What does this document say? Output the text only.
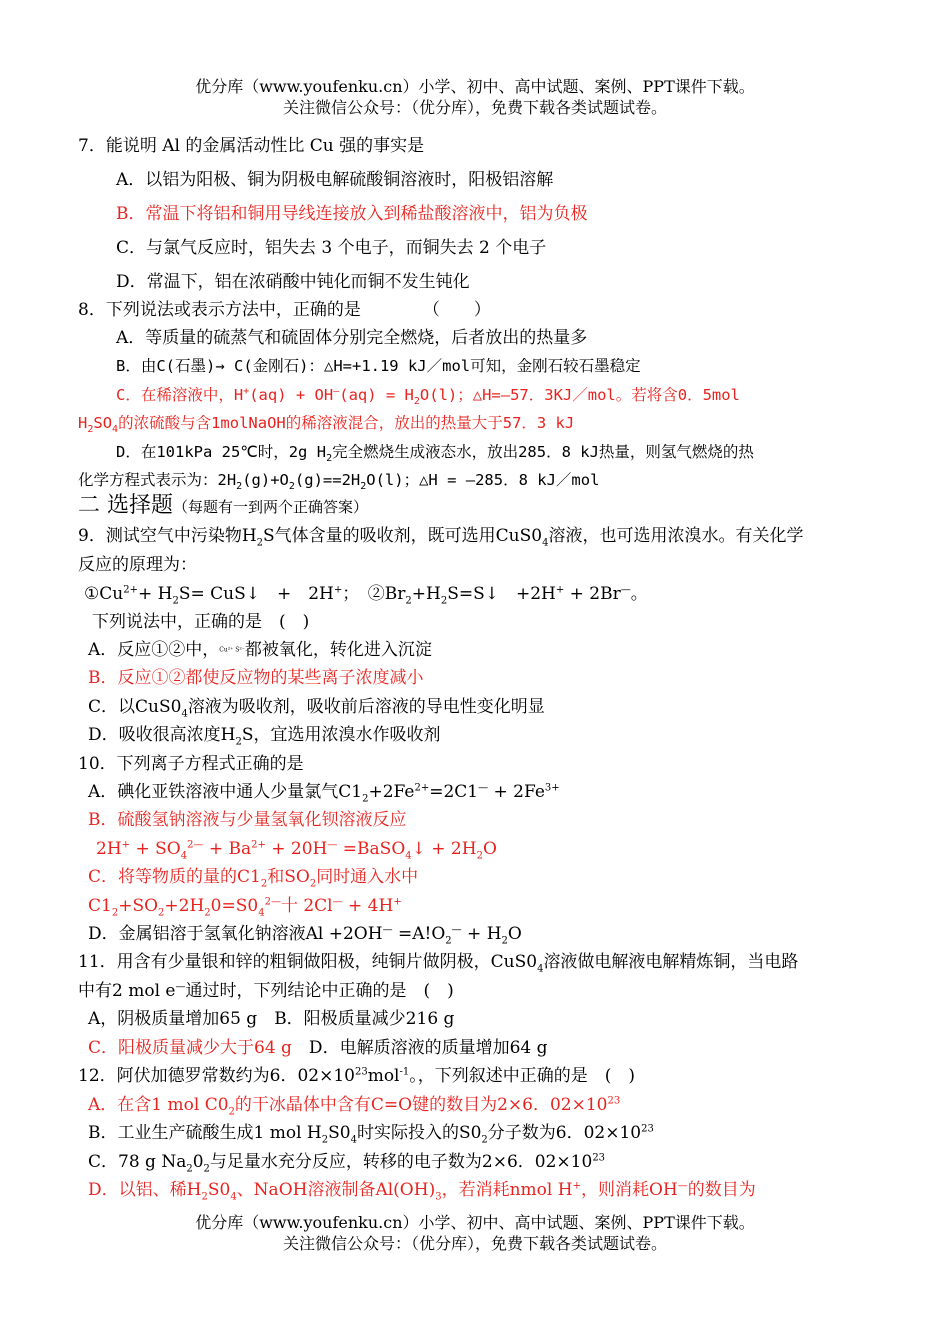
优分库（www.youfenku.cn）小学、初中、高中试题、案例、PPT课件下载。
关注微信公众号：（优分库），免费下载各类试题试卷。
7．能说明 Al 的金属活动性比 Cu 强的事实是
A．以铝为阳极、铜为阴极电解硫酸铜溶液时，阳极铝溶解
B．常温下将铝和铜用导线连接放入到稀盐酸溶液中，铝为负极
C．与氯气反应时，铝失去 3 个电子，而铜失去 2 个电子
D．常温下，铝在浓硝酸中钝化而铜不发生钝化
8．下列说法或表示方法中，正确的是	（　　）
A．等质量的硫蒸气和硫固体分别完全燃烧，后者放出的热量多
B．由C(石墨)→ C(金刚石)：△H=+1.19 kJ／mol可知，金刚石较石墨稳定
C．在稀溶液中，$H^+(aq) + OH^—(aq) = H_2O(l)$；△H=—57．3KJ／mol。若将含0．5mol
$H_2SO_4$的浓硫酸与含1molNaOH的稀溶液混合，放出的热量大于57．3 kJ
D．在101kPa 25℃时，2g $H_2$完全燃烧生成液态水，放出285．8 kJ热量，则氢气燃烧的热
化学方程式表示为：$2H_2(g)+O_2(g)==2H_2O(l)$；△H = —285．8 kJ／mol
二 选择题（每题有一到两个正确答案）
9．测试空气中污染物$H_2S$气体含量的吸收剂，既可选用$CuS0_4$溶液，也可选用浓溴水。有关化学
反应的原理为：
$①Cu^{2+}+ H_2S=$ CuS↓　+　2H+；　$②Br_2+H_2S=S↓$　+2H+ + 2Br—。
下列说法中，正确的是　(　)
A．反应①②中，Cu²⁺ S²⁻都被氧化，转化进入沉淀
B．反应①②都使反应物的某些离子浓度减小
C．以$CuS0_4$溶液为吸收剂，吸收前后溶液的导电性变化明显
D．吸收很高浓度$H_2S$，宜选用浓溴水作吸收剂
10．下列离子方程式正确的是
A．碘化亚铁溶液中通人少量氯气$C1_2+2Fe^{2+}=2C1^— + 2Fe^{3+}$
B．硫酸氢钠溶液与少量氢氧化钡溶液反应
$2H^+ + SO_4^{2—} + Ba^{2+} + 20H^—$ =BaSO$_4$↓ + $2H_2O$
C．将等物质的量的$C1_2$和$SO_2$同时通入水中
$C1_2+SO_2+2H_20=S0_4^{2—}$十 2Cl— + 4H+
D．金属铝溶于氢氧化钠溶液$Al +2OH^— =A!O_2^— + H_2O$
11．用含有少量银和锌的粗铜做阳极，纯铜片做阴极，$CuS0_4$溶液做电解液电解精炼铜，当电路
中有2 mol e—通过时，下列结论中正确的是　(　)
A，阴极质量增加65 g　B．阳极质量减少216 g
C．阳极质量减少大于64 g　D．电解质溶液的质量增加64 g
12．阿伏加德罗常数约为6．$02\times 10^{23}mol^{-1}$。，下列叙述中正确的是　(　)
A．在含1 mol $C0_2$的干冰晶体中含有C=O键的数目为2×6．$02\times 10^{23}$
B．工业生产硫酸生成1 mol $H_2S0_4$时实际投入的$S0_2$分子数为6．$02\times 10^{23}$
C．78 g $Na_20_2$与足量水充分反应，转移的电子数为2×6．$02\times 10^{23}$
D．以铝、稀$H_2S0_4$、NaOH溶液制备$Al(OH)_3$，若消耗nmol H+，则消耗OH—的数目为
优分库（www.youfenku.cn）小学、初中、高中试题、案例、PPT课件下载。
关注微信公众号：（优分库），免费下载各类试题试卷。
